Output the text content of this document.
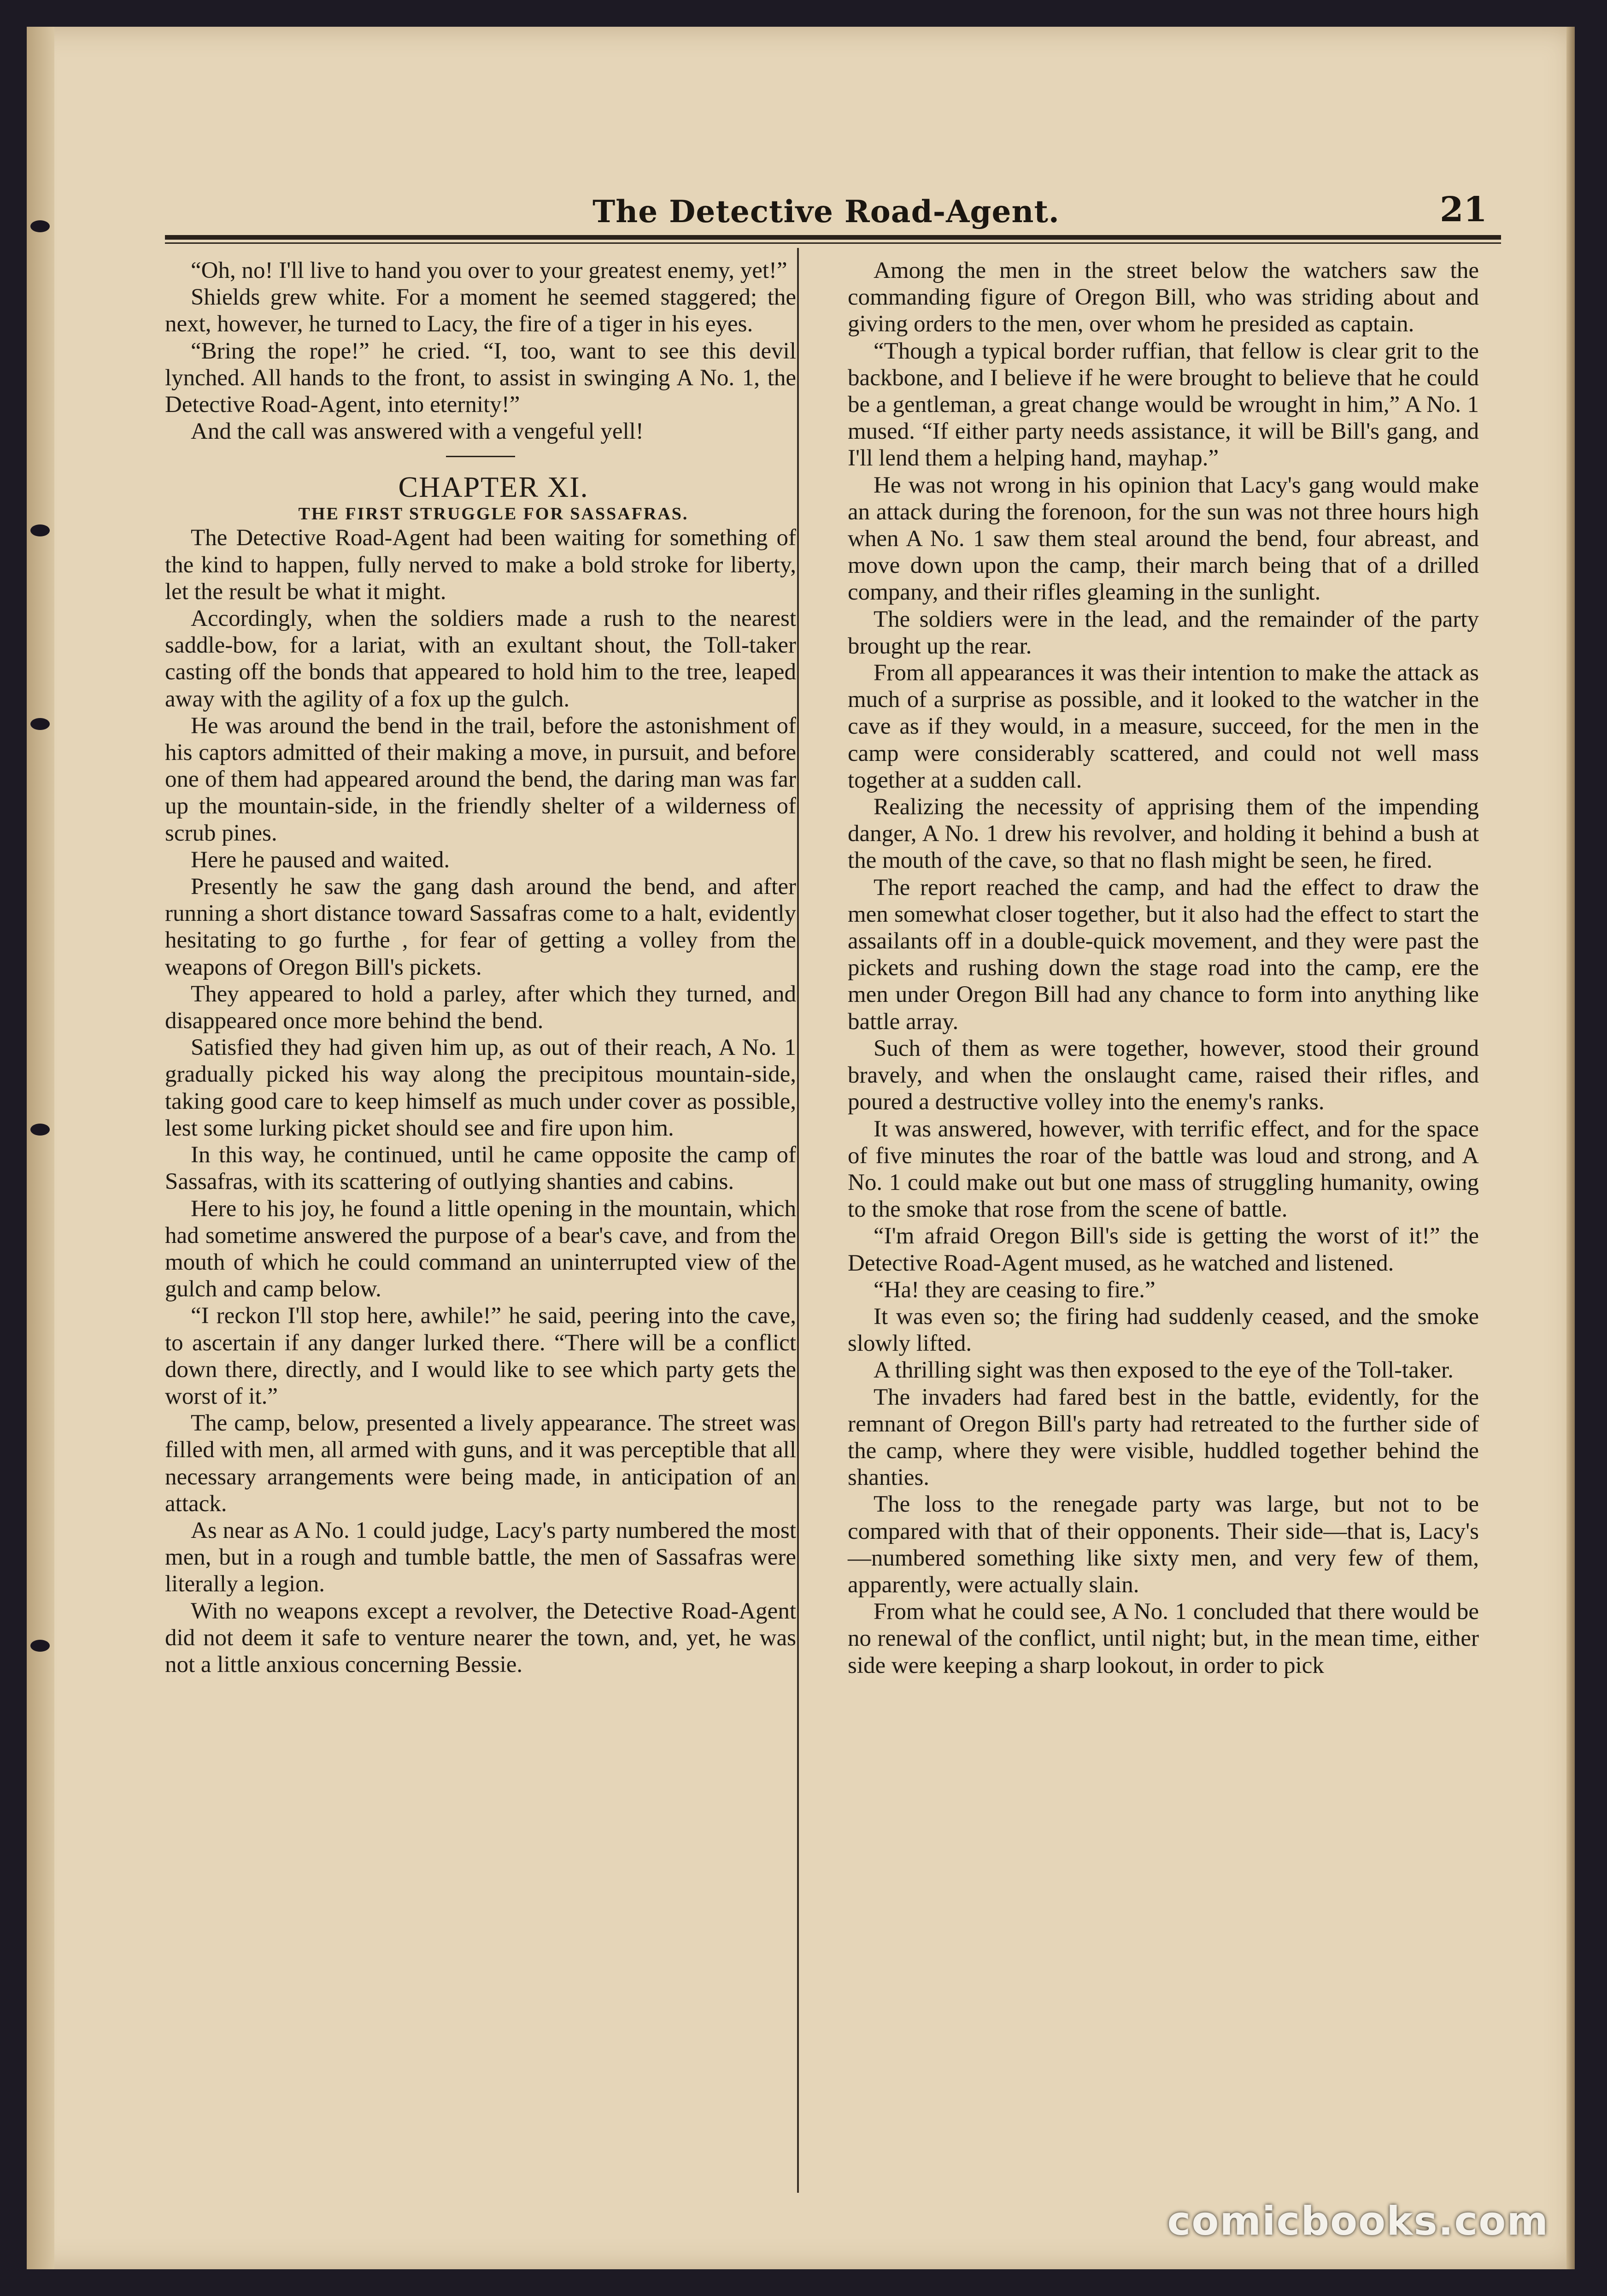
The Detective Road-Agent.	21

“Oh, no! I'll live to hand you over to your greatest enemy, yet!”

Shields grew white. For a moment he seemed staggered; the next, however, he turned to Lacy, the fire of a tiger in his eyes.

“Bring the rope!” he cried. “I, too, want to see this devil lynched. All hands to the front, to assist in swinging A No. 1, the Detective Road-Agent, into eternity!”

And the call was answered with a vengeful yell!

CHAPTER XI.

THE FIRST STRUGGLE FOR SASSAFRAS.

The Detective Road-Agent had been waiting for something of the kind to happen, fully nerved to make a bold stroke for liberty, let the result be what it might.

Accordingly, when the soldiers made a rush to the nearest saddle-bow, for a lariat, with an exultant shout, the Toll-taker casting off the bonds that appeared to hold him to the tree, leaped away with the agility of a fox up the gulch.

He was around the bend in the trail, before the astonishment of his captors admitted of their making a move, in pursuit, and before one of them had appeared around the bend, the daring man was far up the mountain-side, in the friendly shelter of a wilderness of scrub pines.

Here he paused and waited.

Presently he saw the gang dash around the bend, and after running a short distance toward Sassafras come to a halt, evidently hesitating to go furthe , for fear of getting a volley from the weapons of Oregon Bill's pickets.

They appeared to hold a parley, after which they turned, and disappeared once more behind the bend.

Satisfied they had given him up, as out of their reach, A No. 1 gradually picked his way along the precipitous mountain-side, taking good care to keep himself as much under cover as possible, lest some lurking picket should see and fire upon him.

In this way, he continued, until he came opposite the camp of Sassafras, with its scattering of outlying shanties and cabins.

Here to his joy, he found a little opening in the mountain, which had sometime answered the purpose of a bear's cave, and from the mouth of which he could command an uninterrupted view of the gulch and camp below.

“I reckon I'll stop here, awhile!” he said, peering into the cave, to ascertain if any danger lurked there. “There will be a conflict down there, directly, and I would like to see which party gets the worst of it.”

The camp, below, presented a lively appearance. The street was filled with men, all armed with guns, and it was perceptible that all necessary arrangements were being made, in anticipation of an attack.

As near as A No. 1 could judge, Lacy's party numbered the most men, but in a rough and tumble battle, the men of Sassafras were literally a legion.

With no weapons except a revolver, the Detective Road-Agent did not deem it safe to venture nearer the town, and, yet, he was not a little anxious concerning Bessie.

Among the men in the street below the watchers saw the commanding figure of Oregon Bill, who was striding about and giving orders to the men, over whom he presided as captain.

“Though a typical border ruffian, that fellow is clear grit to the backbone, and I believe if he were brought to believe that he could be a gentleman, a great change would be wrought in him,” A No. 1 mused. “If either party needs assistance, it will be Bill's gang, and I'll lend them a helping hand, mayhap.”

He was not wrong in his opinion that Lacy's gang would make an attack during the forenoon, for the sun was not three hours high when A No. 1 saw them steal around the bend, four abreast, and move down upon the camp, their march being that of a drilled company, and their rifles gleaming in the sunlight.

The soldiers were in the lead, and the remainder of the party brought up the rear.

From all appearances it was their intention to make the attack as much of a surprise as possible, and it looked to the watcher in the cave as if they would, in a measure, succeed, for the men in the camp were considerably scattered, and could not well mass together at a sudden call.

Realizing the necessity of apprising them of the impending danger, A No. 1 drew his revolver, and holding it behind a bush at the mouth of the cave, so that no flash might be seen, he fired.

The report reached the camp, and had the effect to draw the men somewhat closer together, but it also had the effect to start the assailants off in a double-quick movement, and they were past the pickets and rushing down the stage road into the camp, ere the men under Oregon Bill had any chance to form into anything like battle array.

Such of them as were together, however, stood their ground bravely, and when the onslaught came, raised their rifles, and poured a destructive volley into the enemy's ranks.

It was answered, however, with terrific effect, and for the space of five minutes the roar of the battle was loud and strong, and A No. 1 could make out but one mass of struggling humanity, owing to the smoke that rose from the scene of battle.

“I'm afraid Oregon Bill's side is getting the worst of it!” the Detective Road-Agent mused, as he watched and listened.

“Ha! they are ceasing to fire.”

It was even so; the firing had suddenly ceased, and the smoke slowly lifted.

A thrilling sight was then exposed to the eye of the Toll-taker.

The invaders had fared best in the battle, evidently, for the remnant of Oregon Bill's party had retreated to the further side of the camp, where they were visible, huddled together behind the shanties.

The loss to the renegade party was large, but not to be compared with that of their opponents. Their side—that is, Lacy's—numbered something like sixty men, and very few of them, apparently, were actually slain.

From what he could see, A No. 1 concluded that there would be no renewal of the conflict, until night; but, in the mean time, either side were keeping a sharp lookout, in order to pick

comicbooks.com
